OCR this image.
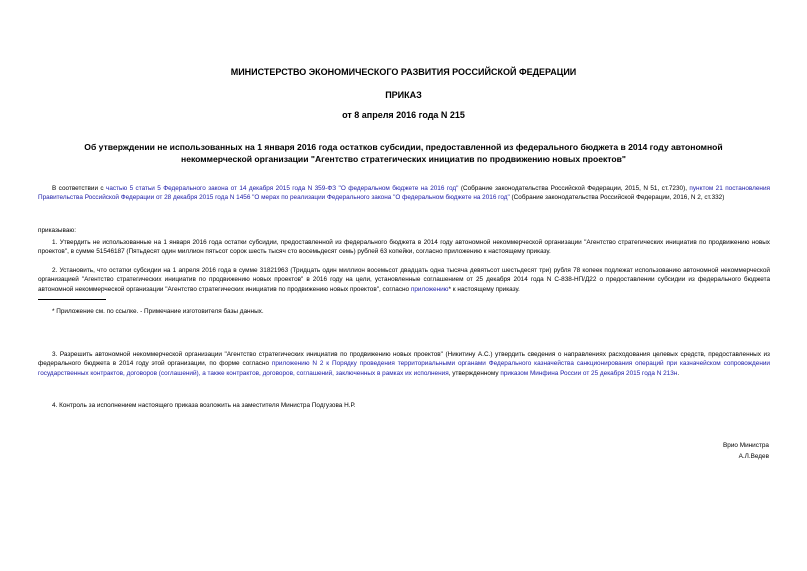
МИНИСТЕРСТВО ЭКОНОМИЧЕСКОГО РАЗВИТИЯ РОССИЙСКОЙ ФЕДЕРАЦИИ
ПРИКАЗ
от 8 апреля 2016 года N 215
Об утверждении не использованных на 1 января 2016 года остатков субсидии, предоставленной из федерального бюджета в 2014 году автономной некоммерческой организации "Агентство стратегических инициатив по продвижению новых проектов"
В соответствии с частью 5 статьи 5 Федерального закона от 14 декабря 2015 года N 359-ФЗ "О федеральном бюджете на 2016 год" (Собрание законодательства Российской Федерации, 2015, N 51, ст.7230), пунктом 21 постановления Правительства Российской Федерации от 28 декабря 2015 года N 1456 "О мерах по реализации Федерального закона "О федеральном бюджете на 2016 год" (Собрание законодательства Российской Федерации, 2016, N 2, ст.332)
приказываю:
1. Утвердить не использованные на 1 января 2016 года остатки субсидии, предоставленной из федерального бюджета в 2014 году автономной некоммерческой организации "Агентство стратегических инициатив по продвижению новых проектов", в сумме 51546187 (Пятьдесят один миллион пятьсот сорок шесть тысяч сто восемьдесят семь) рублей 63 копейки, согласно приложению к настоящему приказу.
2. Установить, что остатки субсидии на 1 апреля 2016 года в сумме 31821963 (Тридцать один миллион восемьсот двадцать одна тысяча девятьсот шестьдесят три) рубля 78 копеек подлежат использованию автономной некоммерческой организацией "Агентство стратегических инициатив по продвижению новых проектов" в 2016 году на цели, установленные соглашением от 25 декабря 2014 года N С-838-НП/Д22 о предоставлении субсидии из федерального бюджета автономной некоммерческой организации "Агентство стратегических инициатив по продвижению новых проектов", согласно приложению* к настоящему приказу.
* Приложение см. по ссылке. - Примечание изготовителя базы данных.
3. Разрешить автономной некоммерческой организации "Агентство стратегических инициатив по продвижению новых проектов" (Никитину А.С.) утвердить сведения о направлениях расходования целевых средств, предоставленных из федерального бюджета в 2014 году этой организации, по форме согласно приложению N 2 к Порядку проведения территориальными органами Федерального казначейства санкционирования операций при казначейском сопровождении государственных контрактов, договоров (соглашений), а также контрактов, договоров, соглашений, заключенных в рамках их исполнения, утвержденному приказом Минфина России от 25 декабря 2015 года N 213н.
4. Контроль за исполнением настоящего приказа возложить на заместителя Министра Подгузова Н.Р.
Врио Министра
А.Л.Ведев
